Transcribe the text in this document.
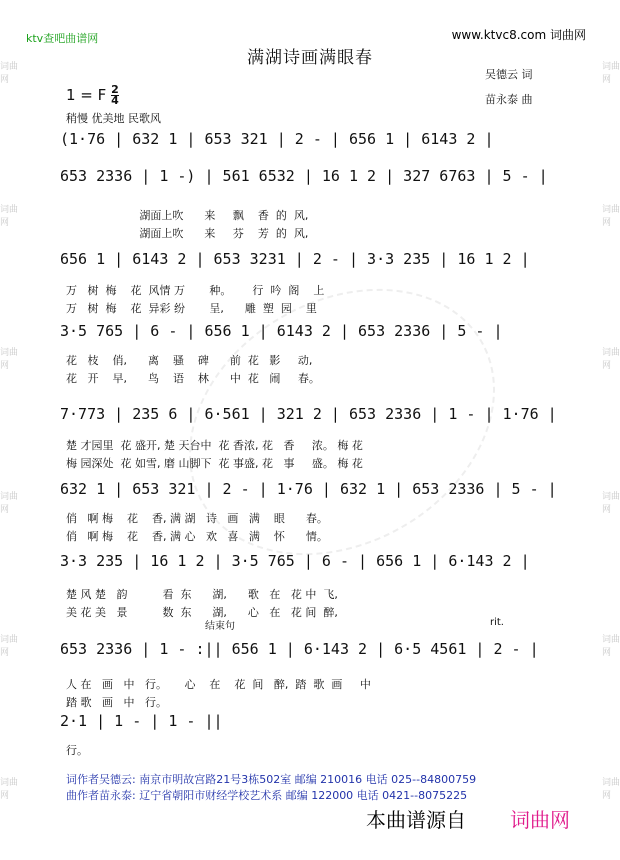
词曲网
词曲网
词曲网
词曲网
词曲网
词曲网
词曲网
词曲网
词曲网
词曲网
词曲网
词曲网
ktv查吧曲谱网	www.ktvc8.com 词曲网
满湖诗画满眼春
吴德云 词
苗永泰 曲
1 = F $\frac{2}{4}$
稍慢 优美地 民歌风
(1·76 | 632 1 | 653 321 | 2 - | 656 1 | 6143 2 |
653 2336 | 1 -) | 561 6532 | 16 1 2 | 327 6763 | 5 - |
湖面上吹      来     飘    香  的  风,
湖面上吹      来     芬    芳  的  风,
656 1 | 6143 2 | 653 3231 | 2 - | 3·3 235 | 16 1 2 |
万   树  梅    花  风情 万       种。      行  吟  阁    上
万   树  梅    花  异彩 纷       呈,      雕  塑  园    里
3·5 765 | 6 - | 656 1 | 6143 2 | 653 2336 | 5 - |
花   枝    俏,      离    骚    碑      前  花   影     动,
花   开    早,      鸟    语    林      中  花   闹     春。
7·773 | 235 6 | 6·561 | 321 2 | 653 2336 | 1 - | 1·76 |
楚 才园里  花 盛开, 楚 天台中  花 香浓, 花   香     浓。 梅 花
梅 园深处  花 如雪, 磨 山脚下  花 事盛, 花   事     盛。 梅 花
632 1 | 653 321 | 2 - | 1·76 | 632 1 | 653 2336 | 5 - |
俏   啊 梅    花    香, 满 湖   诗   画   满    眼      春。
俏   啊 梅    花    香, 满 心   欢   喜   满    怀      情。
3·3 235 | 16 1 2 | 3·5 765 | 6 - | 656 1 | 6·143 2 |
楚 风 楚   韵          看  东      湖,      歌   在   花 中  飞,
美 花 美   景          数  东      湖,      心   在   花 间  醉,
653 2336 | 1 - :|| 656 1 | 6·143 2 | 6·5 4561 | 2 - |
人 在   画   中   行。     心    在    花  间   醉,  踏  歌  画     中
踏 歌   画   中   行。
2·1 | 1 - | 1 - ||
行。
结束句	rit.
词作者吴德云: 南京市明故宫路21号3栋502室 邮编 210016 电话 025--84800759
曲作者苗永泰: 辽宁省朝阳市财经学校艺术系 邮编 122000 电话 0421--8075225
本曲谱源自 词曲网
